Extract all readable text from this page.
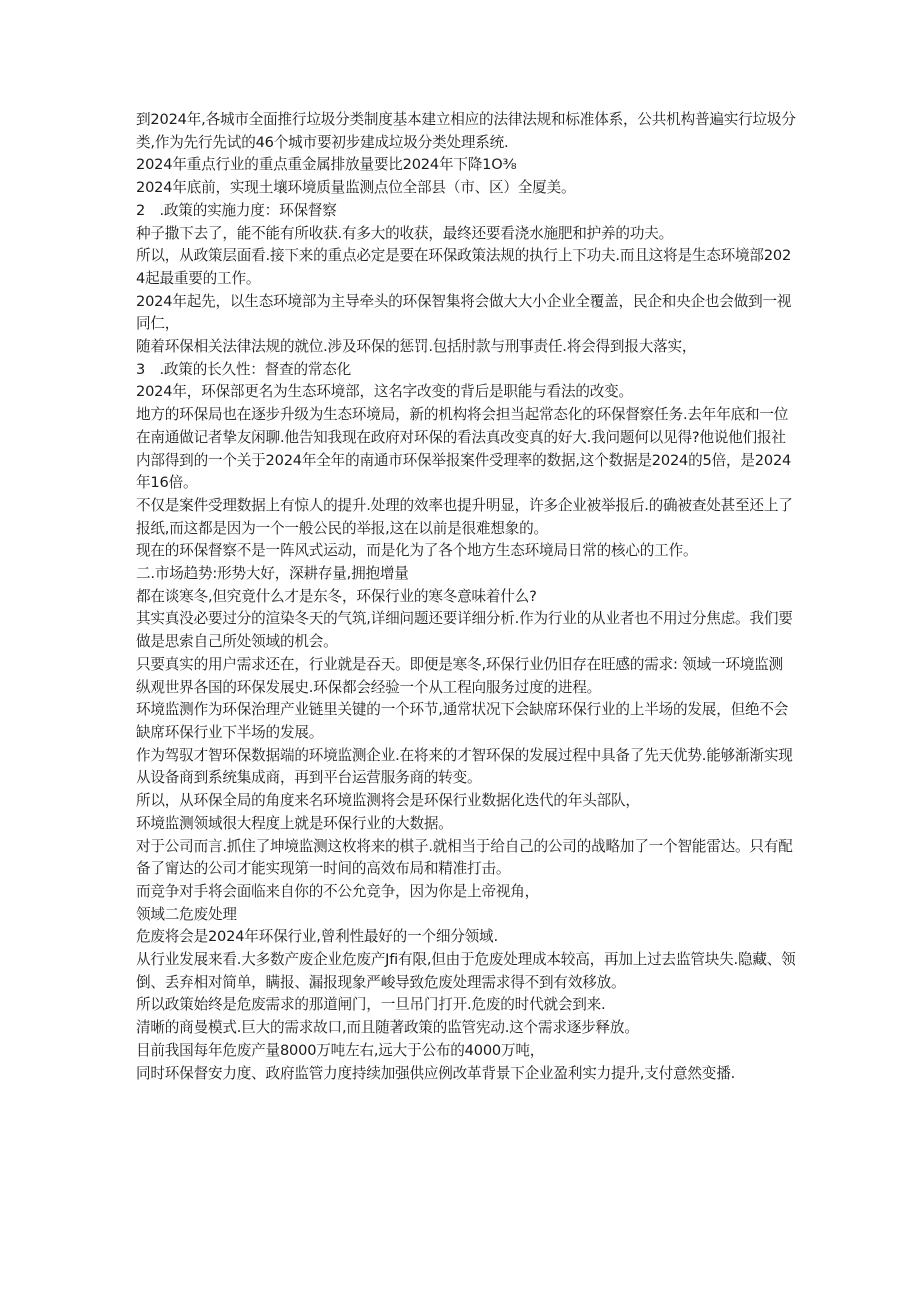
到2024年,各城市全面推行垃圾分类制度基本建立相应的法律法规和标准体系，公共机构普遍实行垃圾分类,作为先行先试的46个城市要初步建成垃圾分类处理系统.

2024年重点行业的重点重金属排放量要比2024年下降1O⅜

2024年底前，实现土壤环境质量监测点位全部县（市、区）全厦美。

2　.政策的实施力度：环保督察

种子撒下去了，能不能有所收获.有多大的收获，最终还要看浇水施肥和护养的功夫。

所以，从政策层面看.接下来的重点必定是要在环保政策法规的执行上下功夫.而且这将是生态环境部2024起最重要的工作。

2024年起先，以生态环境部为主导牵头的环保智集将会做大大小企业全覆盖，民企和央企也会做到一视同仁，

随着环保相关法律法规的就位.涉及环保的惩罚.包括肘款与刑事责任.将会得到报大落实，

3　.政策的长久性：督查的常态化

2024年，环保部更名为生态环境部，这名字改变的背后是职能与看法的改变。

地方的环保局也在逐步升级为生态环境局，新的机构将会担当起常态化的环保督察任务.去年年底和一位在南通做记者挚友闲聊.他告知我现在政府对环保的看法真改变真的好大.我问题何以见得?他说他们报社内部得到的一个关于2024年全年的南通市环保举报案件受理率的数据,这个数据是2024的5倍，是2024年16倍。

不仅是案件受理数据上有惊人的提升.处理的效率也提升明显，许多企业被举报后.的确被查处甚至还上了报纸,而这都是因为一个一般公民的举报,这在以前是很难想象的。

现在的环保督察不是一阵风式运动，而是化为了各个地方生态环境局日常的核心的工作。

二.市场趋势:形势大好，深耕存量,拥抱增量

都在谈寒冬,但究竟什么才是东冬，环保行业的寒冬意味着什么?

其实真没必要过分的渲染冬天的气筑,详细问题还要详细分析.作为行业的从业者也不用过分焦虑。我们要做是思索自己所处领域的机会。

只要真实的用户需求还在，行业就是吞天。即便是寒冬,环保行业仍旧存在旺感的需求: 领域一环境监测

纵观世界各国的环保发展史.环保都会经验一个从工程向服务过度的进程。

环境监测作为环保治理产业链里关键的一个环节,通常状况下会缺席环保行业的上半场的发展，但绝不会缺席环保行业下半场的发展。

作为驾驭才智环保数据端的环境监测企业.在将来的才智环保的发展过程中具备了先天优势.能够渐渐实现从设备商到系统集成商，再到平台运营服务商的转变。

所以，从环保全局的角度来名环境监测将会是环保行业数据化迭代的年头部队，

环境监测领域很大程度上就是环保行业的大数据。

对于公司而言.抓住了坤境监测这枚将来的棋子.就相当于给自己的公司的战略加了一个智能雷达。只有配备了甯达的公司才能实现第一时间的高效布局和精准打击。

而竞争对手将会面临来自你的不公允竞争，因为你是上帝视角，

领域二危废处理

危废将会是2024年环保行业,曾利性最好的一个细分领域.

从行业发展来看.大多数产废企业危废产Jfi有限,但由于危废处理成本较高，再加上过去监管块失.隐藏、领倒、丢弃相对简单，瞒报、漏报现象严峻导致危废处理需求得不到有效移放。

所以政策始终是危废需求的那道闸门，一旦吊门打开.危废的时代就会到来.

清晰的商曼模式.巨大的需求故口,而且随著政策的监管宪动.这个需求逐步释放。

目前我国每年危废产量8000万吨左右,远大于公布的4000万吨，

同时环保督安力度、政府监管力度持续加强供应例改革背景下企业盈利实力提升,支付意然变播.
